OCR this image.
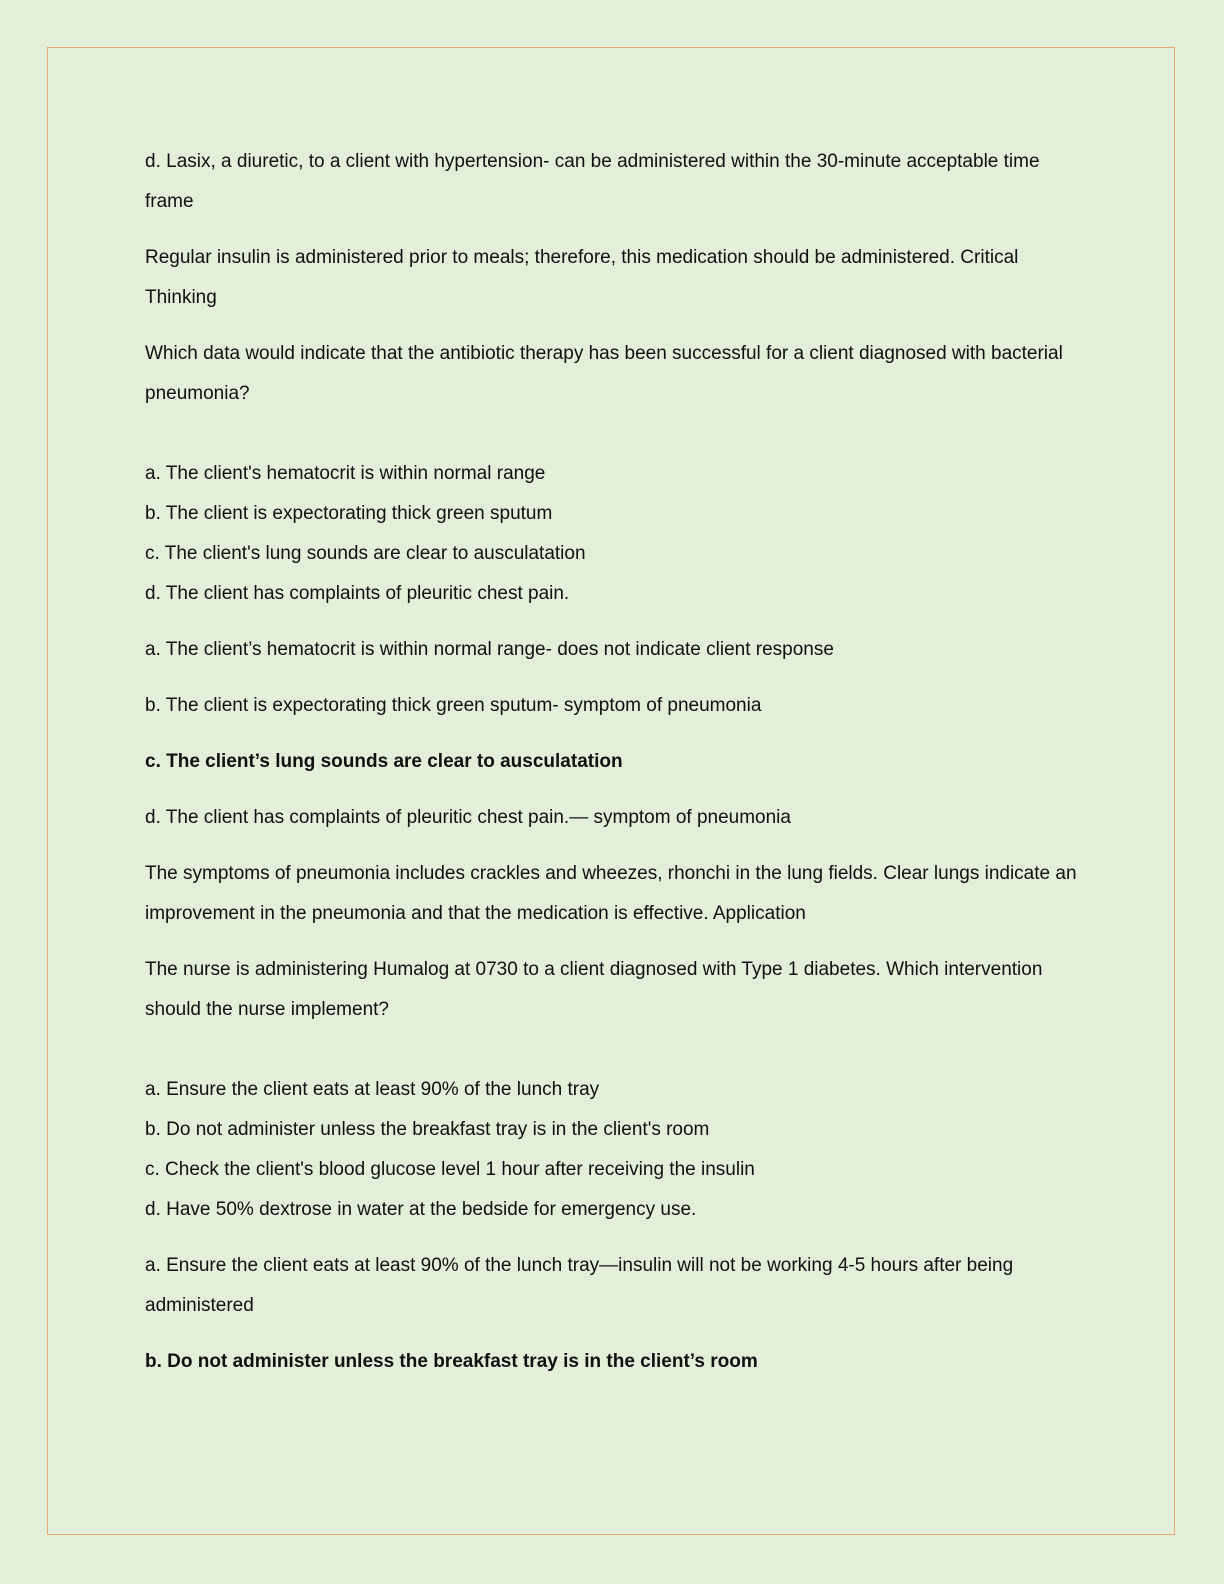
d. Lasix, a diuretic, to a client with hypertension- can be administered within the 30-minute acceptable time frame

Regular insulin is administered prior to meals; therefore, this medication should be administered. Critical Thinking

Which data would indicate that the antibiotic therapy has been successful for a client diagnosed with bacterial pneumonia?

a. The client's hematocrit is within normal range

b. The client is expectorating thick green sputum

c. The client's lung sounds are clear to ausculatation

d. The client has complaints of pleuritic chest pain.

a. The client’s hematocrit is within normal range- does not indicate client response

b. The client is expectorating thick green sputum- symptom of pneumonia

c. The client’s lung sounds are clear to ausculatation

d. The client has complaints of pleuritic chest pain.— symptom of pneumonia

The symptoms of pneumonia includes crackles and wheezes, rhonchi in the lung fields. Clear lungs indicate an improvement in the pneumonia and that the medication is effective. Application

The nurse is administering Humalog at 0730 to a client diagnosed with Type 1 diabetes. Which intervention should the nurse implement?

a. Ensure the client eats at least 90% of the lunch tray

b. Do not administer unless the breakfast tray is in the client's room

c. Check the client's blood glucose level 1 hour after receiving the insulin

d. Have 50% dextrose in water at the bedside for emergency use.

a. Ensure the client eats at least 90% of the lunch tray—insulin will not be working 4-5 hours after being administered

b. Do not administer unless the breakfast tray is in the client’s room
